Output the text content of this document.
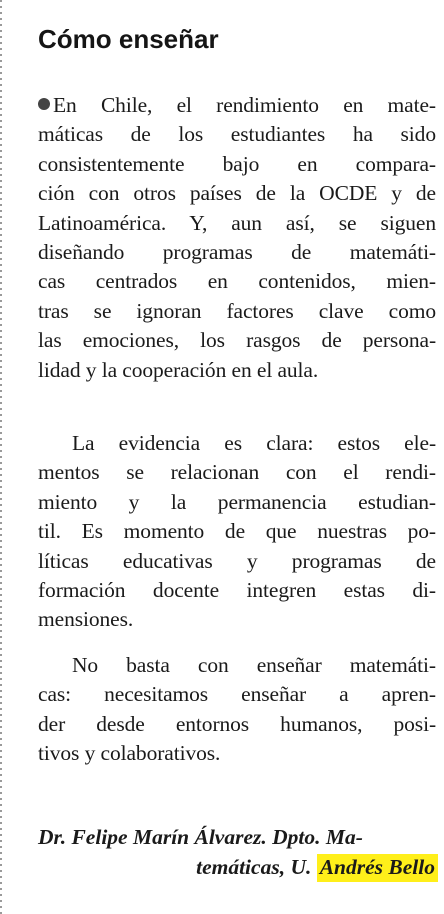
Cómo enseñar
En Chile, el rendimiento en mate-
máticas de los estudiantes ha sido
consistentemente bajo en compara-
ción con otros países de la OCDE y de
Latinoamérica. Y, aun así, se siguen
diseñando programas de matemáti-
cas centrados en contenidos, mien-
tras se ignoran factores clave como
las emociones, los rasgos de persona-
lidad y la cooperación en el aula.
La evidencia es clara: estos ele-
mentos se relacionan con el rendi-
miento y la permanencia estudian-
til. Es momento de que nuestras po-
líticas educativas y programas de
formación docente integren estas di-
mensiones.
No basta con enseñar matemáti-
cas: necesitamos enseñar a apren-
der desde entornos humanos, posi-
tivos y colaborativos.
Dr. Felipe Marín Álvarez. Dpto. Ma-
temáticas, U. Andrés Bello
